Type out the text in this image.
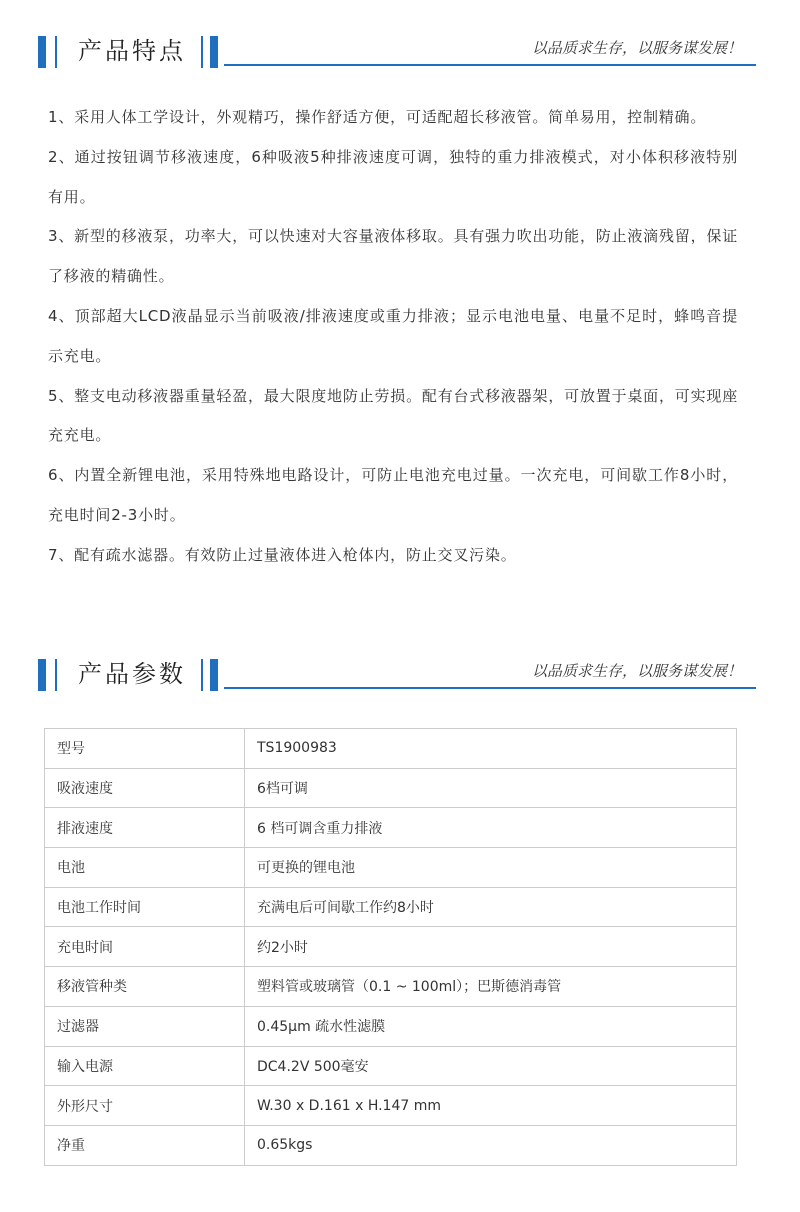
产品特点	以品质求生存，以服务谋发展！
1、采用人体工学设计，外观精巧，操作舒适方便，可适配超长移液管。简单易用，控制精确。
2、通过按钮调节移液速度，6种吸液5种排液速度可调，独特的重力排液模式，对小体积移液特别有用。
3、新型的移液泵，功率大，可以快速对大容量液体移取。具有强力吹出功能，防止液滴残留，保证了移液的精确性。
4、顶部超大LCD液晶显示当前吸液/排液速度或重力排液；显示电池电量、电量不足时，蜂鸣音提示充电。
5、整支电动移液器重量轻盈，最大限度地防止劳损。配有台式移液器架，可放置于桌面，可实现座充充电。
6、内置全新锂电池，采用特殊地电路设计，可防止电池充电过量。一次充电，可间歇工作8小时，充电时间2-3小时。
7、配有疏水滤器。有效防止过量液体进入枪体内，防止交叉污染。
产品参数	以品质求生存，以服务谋发展！
型号	TS1900983
吸液速度	6档可调
排液速度	6 档可调含重力排液
电池	可更换的锂电池
电池工作时间	充满电后可间歇工作约8小时
充电时间	约2小时
移液管种类	塑料管或玻璃管（0.1 ~ 100ml）；巴斯德消毒管
过滤器	0.45μm 疏水性滤膜
输入电源	DC4.2V 500毫安
外形尺寸	W.30 x D.161 x H.147 mm
净重	0.65kgs
